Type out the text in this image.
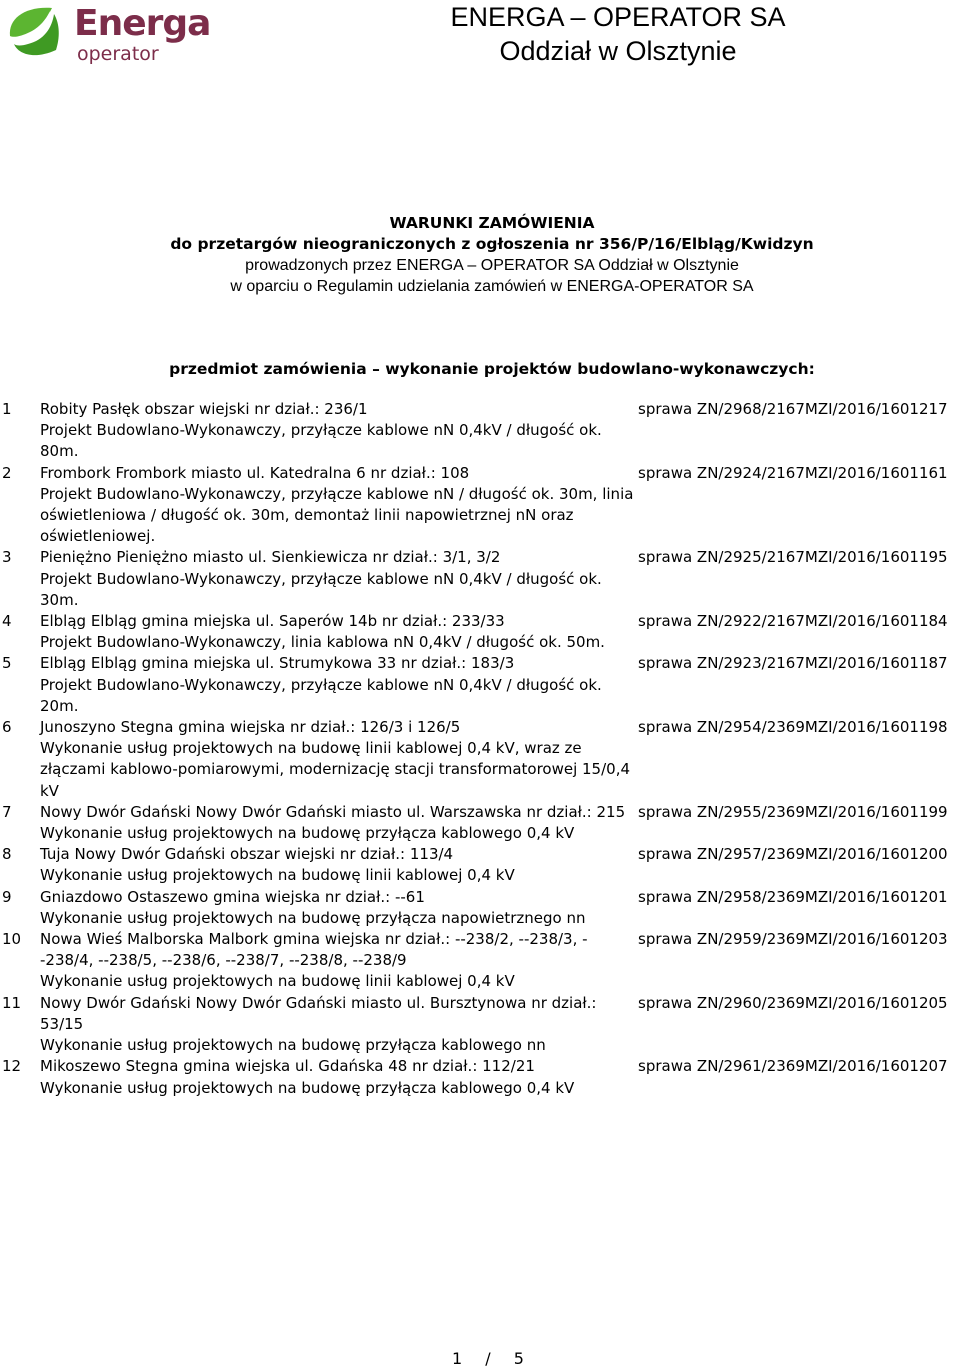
Energa
operator
ENERGA – OPERATOR SA
Oddział w Olsztynie
WARUNKI ZAMÓWIENIA
do przetargów nieograniczonych z ogłoszenia nr 356/P/16/Elbląg/Kwidzyn
prowadzonych przez ENERGA – OPERATOR SA Oddział w Olsztynie
w oparciu o Regulamin udzielania zamówień w ENERGA-OPERATOR SA
przedmiot zamówienia – wykonanie projektów budowlano-wykonawczych:
1 Robity Pasłęk obszar wiejski nr dział.: 236/1
Projekt Budowlano-Wykonawczy, przyłącze kablowe nN 0,4kV / długość ok. 80m.
sprawa ZN/2968/2167MZI/2016/1601217
2 Frombork Frombork miasto ul. Katedralna 6 nr dział.: 108
Projekt Budowlano-Wykonawczy, przyłącze kablowe nN / długość ok. 30m, linia oświetleniowa / długość ok. 30m, demontaż linii napowietrznej nN oraz oświetleniowej.
sprawa ZN/2924/2167MZI/2016/1601161
3 Pieniężno Pieniężno miasto ul. Sienkiewicza nr dział.: 3/1, 3/2
Projekt Budowlano-Wykonawczy, przyłącze kablowe nN 0,4kV / długość ok. 30m.
sprawa ZN/2925/2167MZI/2016/1601195
4 Elbląg Elbląg gmina miejska ul. Saperów 14b nr dział.: 233/33
Projekt Budowlano-Wykonawczy, linia kablowa nN 0,4kV / długość ok. 50m.
sprawa ZN/2922/2167MZI/2016/1601184
5 Elbląg Elbląg gmina miejska ul. Strumykowa 33 nr dział.: 183/3
Projekt Budowlano-Wykonawczy, przyłącze kablowe nN 0,4kV / długość ok. 20m.
sprawa ZN/2923/2167MZI/2016/1601187
6 Junoszyno Stegna gmina wiejska nr dział.: 126/3 i 126/5
Wykonanie usług projektowych na budowę linii kablowej 0,4 kV, wraz ze złączami kablowo-pomiarowymi, modernizację stacji transformatorowej 15/0,4 kV
sprawa ZN/2954/2369MZI/2016/1601198
7 Nowy Dwór Gdański Nowy Dwór Gdański miasto ul. Warszawska nr dział.: 215
Wykonanie usług projektowych na budowę przyłącza kablowego 0,4 kV
sprawa ZN/2955/2369MZI/2016/1601199
8 Tuja Nowy Dwór Gdański obszar wiejski nr dział.: 113/4
Wykonanie usług projektowych na budowę linii kablowej 0,4 kV
sprawa ZN/2957/2369MZI/2016/1601200
9 Gniazdowo Ostaszewo gmina wiejska nr dział.: --61
Wykonanie usług projektowych na budowę przyłącza napowietrznego nn
sprawa ZN/2958/2369MZI/2016/1601201
10 Nowa Wieś Malborska Malbork gmina wiejska nr dział.: --238/2, --238/3, --238/4, --238/5, --238/6, --238/7, --238/8, --238/9
Wykonanie usług projektowych na budowę linii kablowej 0,4 kV
sprawa ZN/2959/2369MZI/2016/1601203
11 Nowy Dwór Gdański Nowy Dwór Gdański miasto ul. Bursztynowa nr dział.: 53/15
Wykonanie usług projektowych na budowę przyłącza kablowego nn
sprawa ZN/2960/2369MZI/2016/1601205
12 Mikoszewo Stegna gmina wiejska ul. Gdańska 48 nr dział.: 112/21
Wykonanie usług projektowych na budowę przyłącza kablowego 0,4 kV
sprawa ZN/2961/2369MZI/2016/1601207
1 / 5
